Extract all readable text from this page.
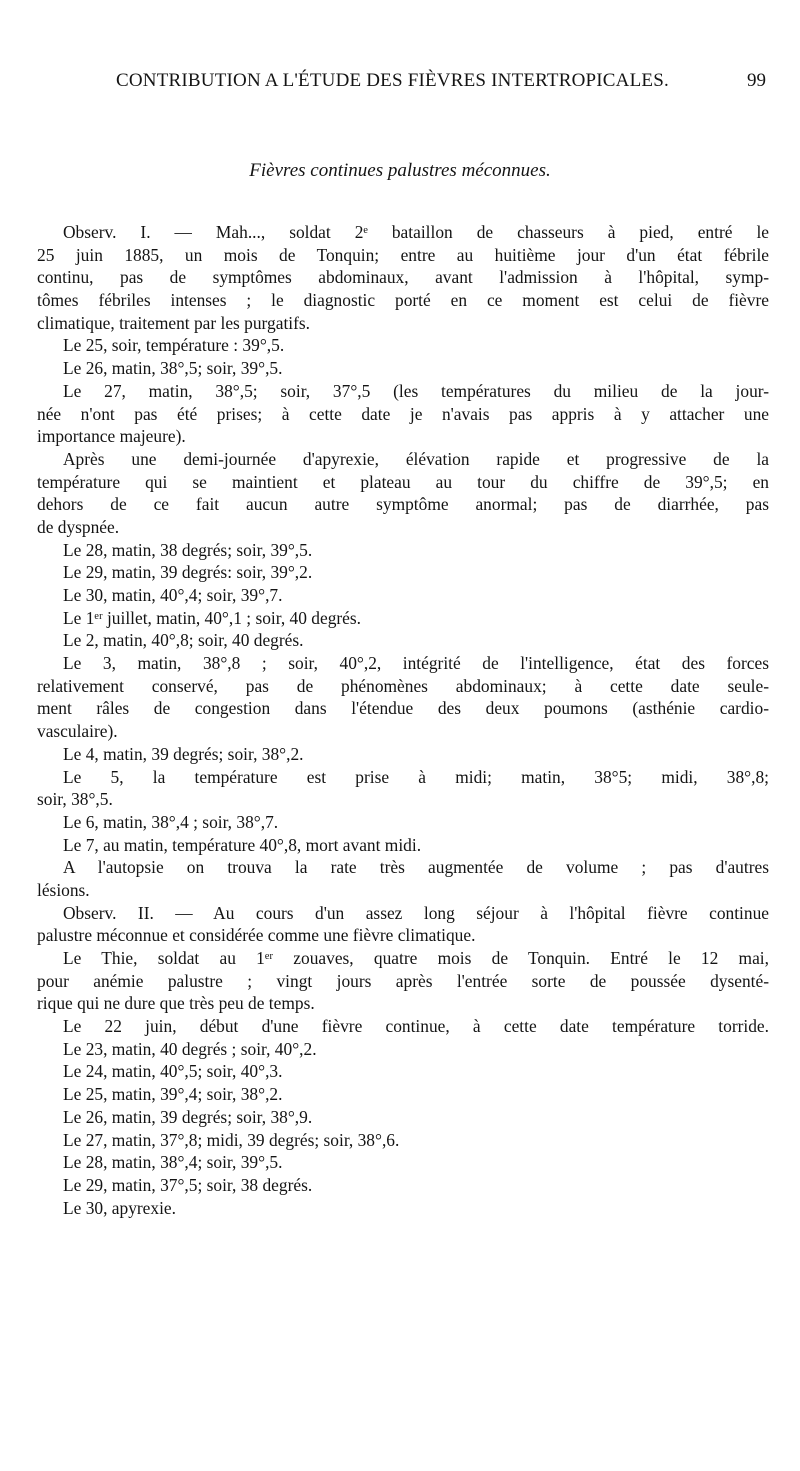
CONTRIBUTION A L'ÉTUDE DES FIÈVRES INTERTROPICALES.	99
Fièvres continues palustres méconnues.
Observ. I. — Mah..., soldat 2ᵉ bataillon de chasseurs à pied, entré le
25 juin 1885, un mois de Tonquin; entre au huitième jour d'un état fébrile
continu, pas de symptômes abdominaux, avant l'admission à l'hôpital, symp-
tômes fébriles intenses ; le diagnostic porté en ce moment est celui de fièvre
climatique, traitement par les purgatifs.
Le 25, soir, température : 39°,5.
Le 26, matin, 38°,5; soir, 39°,5.
Le 27, matin, 38°,5; soir, 37°,5 (les températures du milieu de la jour-
née n'ont pas été prises; à cette date je n'avais pas appris à y attacher une
importance majeure).
Après une demi-journée d'apyrexie, élévation rapide et progressive de la
température qui se maintient et plateau au tour du chiffre de 39°,5; en
dehors de ce fait aucun autre symptôme anormal; pas de diarrhée, pas
de dyspnée.
Le 28, matin, 38 degrés; soir, 39°,5.
Le 29, matin, 39 degrés: soir, 39°,2.
Le 30, matin, 40°,4; soir, 39°,7.
Le 1ᵉʳ juillet, matin, 40°,1 ; soir, 40 degrés.
Le 2, matin, 40°,8; soir, 40 degrés.
Le 3, matin, 38°,8 ; soir, 40°,2, intégrité de l'intelligence, état des forces
relativement conservé, pas de phénomènes abdominaux; à cette date seule-
ment râles de congestion dans l'étendue des deux poumons (asthénie cardio-
vasculaire).
Le 4, matin, 39 degrés; soir, 38°,2.
Le 5, la température est prise à midi; matin, 38°5; midi, 38°,8;
soir, 38°,5.
Le 6, matin, 38°,4 ; soir, 38°,7.
Le 7, au matin, température 40°,8, mort avant midi.
A l'autopsie on trouva la rate très augmentée de volume ; pas d'autres
lésions.
Observ. II. — Au cours d'un assez long séjour à l'hôpital fièvre continue
palustre méconnue et considérée comme une fièvre climatique.
Le Thie, soldat au 1ᵉʳ zouaves, quatre mois de Tonquin. Entré le 12 mai,
pour anémie palustre ; vingt jours après l'entrée sorte de poussée dysenté-
rique qui ne dure que très peu de temps.
Le 22 juin, début d'une fièvre continue, à cette date température torride.
Le 23, matin, 40 degrés ; soir, 40°,2.
Le 24, matin, 40°,5; soir, 40°,3.
Le 25, matin, 39°,4; soir, 38°,2.
Le 26, matin, 39 degrés; soir, 38°,9.
Le 27, matin, 37°,8; midi, 39 degrés; soir, 38°,6.
Le 28, matin, 38°,4; soir, 39°,5.
Le 29, matin, 37°,5; soir, 38 degrés.
Le 30, apyrexie.
